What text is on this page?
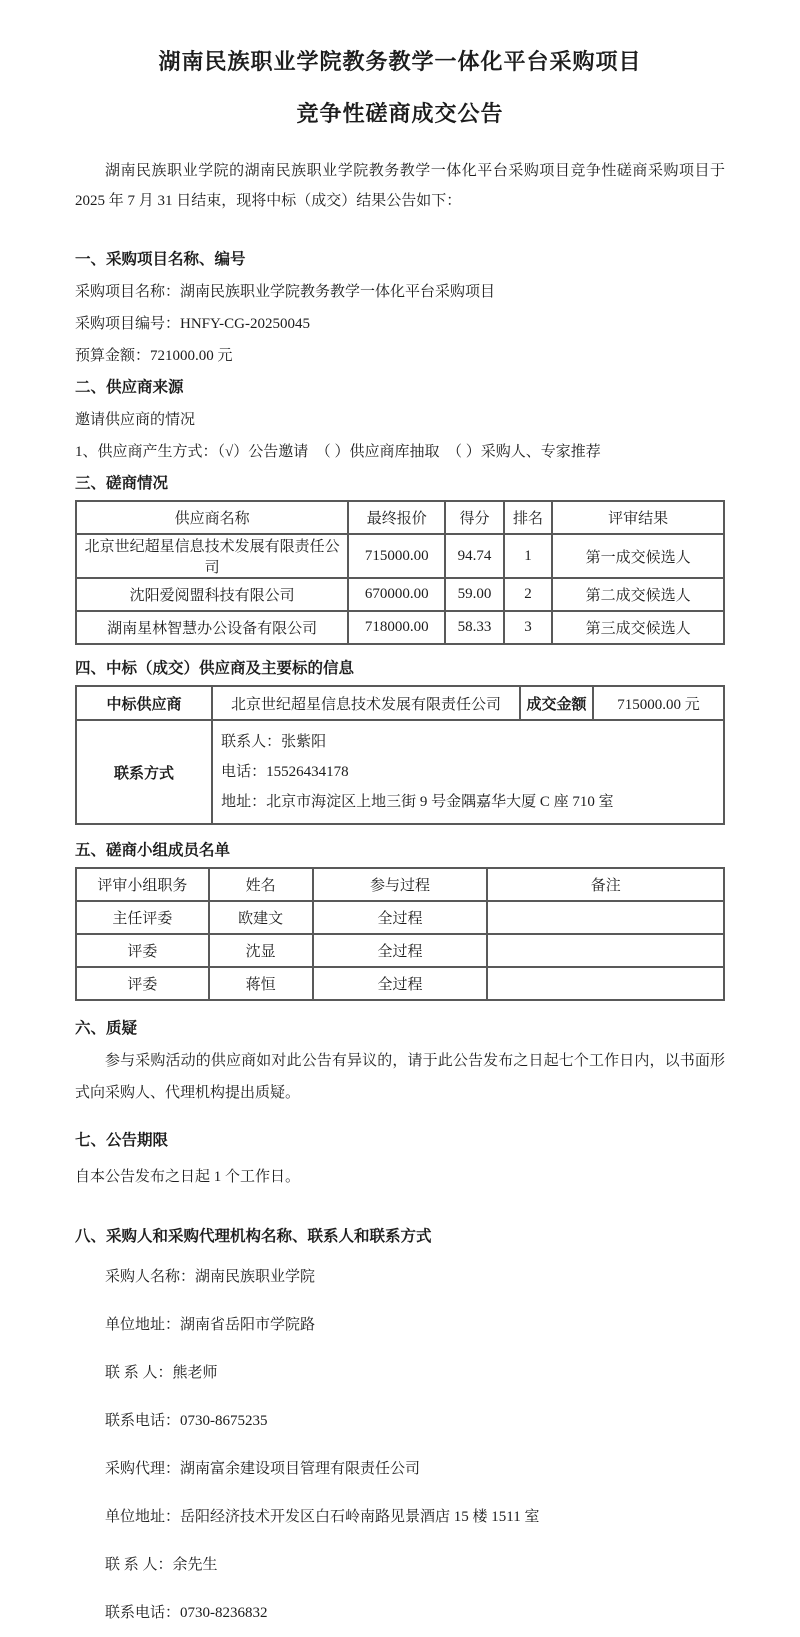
湖南民族职业学院教务教学一体化平台采购项目
竞争性磋商成交公告

湖南民族职业学院的湖南民族职业学院教务教学一体化平台采购项目竞争性磋商采购项目于 2025 年 7 月 31 日结束，现将中标（成交）结果公告如下：

一、采购项目名称、编号
采购项目名称：湖南民族职业学院教务教学一体化平台采购项目
采购项目编号：HNFY-CG-20250045
预算金额：721000.00 元
二、供应商来源
邀请供应商的情况
1、供应商产生方式：（√）公告邀请　（ ）供应商库抽取　（ ）采购人、专家推荐
三、磋商情况
供应商名称	最终报价	得分	排名	评审结果
北京世纪超星信息技术发展有限责任公司	715000.00	94.74	1	第一成交候选人
沈阳爱阅盟科技有限公司	670000.00	59.00	2	第二成交候选人
湖南星林智慧办公设备有限公司	718000.00	58.33	3	第三成交候选人
四、中标（成交）供应商及主要标的信息
中标供应商	北京世纪超星信息技术发展有限责任公司	成交金额	715000.00 元
联系方式	联系人：张紫阳
电话：15526434178
地址：北京市海淀区上地三街 9 号金隅嘉华大厦 C 座 710 室		
五、磋商小组成员名单
评审小组职务	姓名	参与过程	备注
主任评委	欧建文	全过程	
评委	沈显	全过程	
评委	蒋恒	全过程	
六、质疑

参与采购活动的供应商如对此公告有异议的，请于此公告发布之日起七个工作日内，以书面形式向采购人、代理机构提出质疑。

七、公告期限
自本公告发布之日起 1 个工作日。
八、采购人和采购代理机构名称、联系人和联系方式
采购人名称：湖南民族职业学院
单位地址：湖南省岳阳市学院路
联 系 人：熊老师
联系电话：0730-8675235
采购代理：湖南富余建设项目管理有限责任公司
单位地址：岳阳经济技术开发区白石岭南路见景酒店 15 楼 1511 室
联 系 人：余先生
联系电话：0730-8236832
